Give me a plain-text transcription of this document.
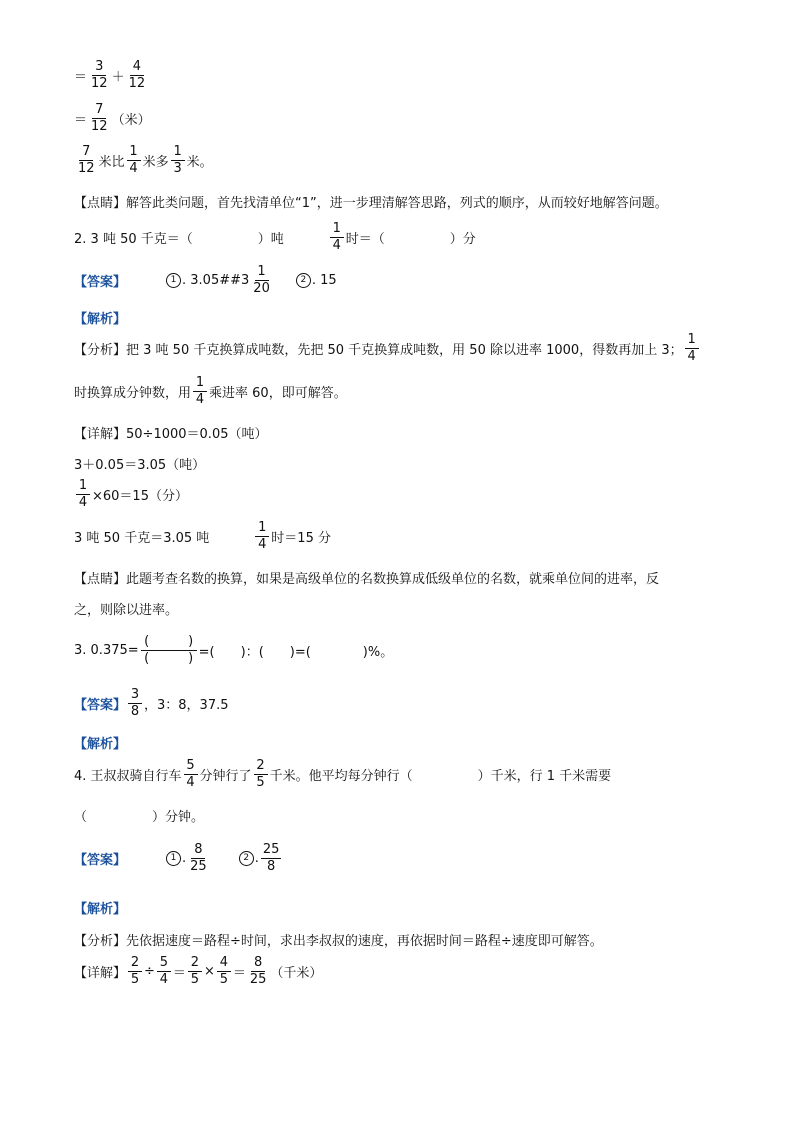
＝ $\frac{3}{12} + \frac{4}{12}$
＝ $\frac{7}{12}$ （米）
$\frac{7}{12}$ 米比 $\frac{1}{4}$ 米多 $\frac{1}{3}$ 米。
【点睛】 解答此类问题，首先找清单位“1”，进一步理清解答思路，列式的顺序，从而较好地解答问题。
2. 3 吨 50 千克＝（　　　　　）吨	$\frac{1}{4}$ 时＝（　　　　　）分
【答案】	1 . 3.05##3 $\frac{1}{20}$	2 . 15
【解析】
【分析】 把 3 吨 50 千克换算成吨数，先把 50 千克换算成吨数，用 50 除以进率 1000，得数再加上 3； $\frac{1}{4}$
时换算成分钟数，用 $\frac{1}{4}$ 乘进率 60，即可解答。
【详解】 50÷1000＝0.05（吨）
3＋0.05＝3.05（吨）
$\frac{1}{4} \times 60=15$（分）
3 吨 50 千克＝3.05 吨	$\frac{1}{4}$ 时＝15 分
【点睛】 此题考查名数的换算，如果是高级单位的名数换算成低级单位的名数，就乘单位间的进率，反
之，则除以进率。
3. $0.375= \frac{( )}{( )}$ =(　　)：(　　)=(　　　　)%。
【答案】 $\frac{3}{8}$ ，3：8，37.5
【解析】
4. 王叔叔骑自行车 $\frac{5}{4}$ 分钟行了 $\frac{2}{5}$ 千米。他平均每分钟行（　　　　　）千米，行 1 千米需要
（　　　　　）分钟。
【答案】	1 . $\frac{8}{25}$	2 . $\frac{25}{8}$
【解析】
【分析】 先依据速度＝路程÷时间，求出李叔叔的速度，再依据时间＝路程÷速度即可解答。
【详解】 $\frac{2}{5} \div \frac{5}{4} = \frac{2}{5} \times \frac{4}{5} = \frac{8}{25}$ （千米）
